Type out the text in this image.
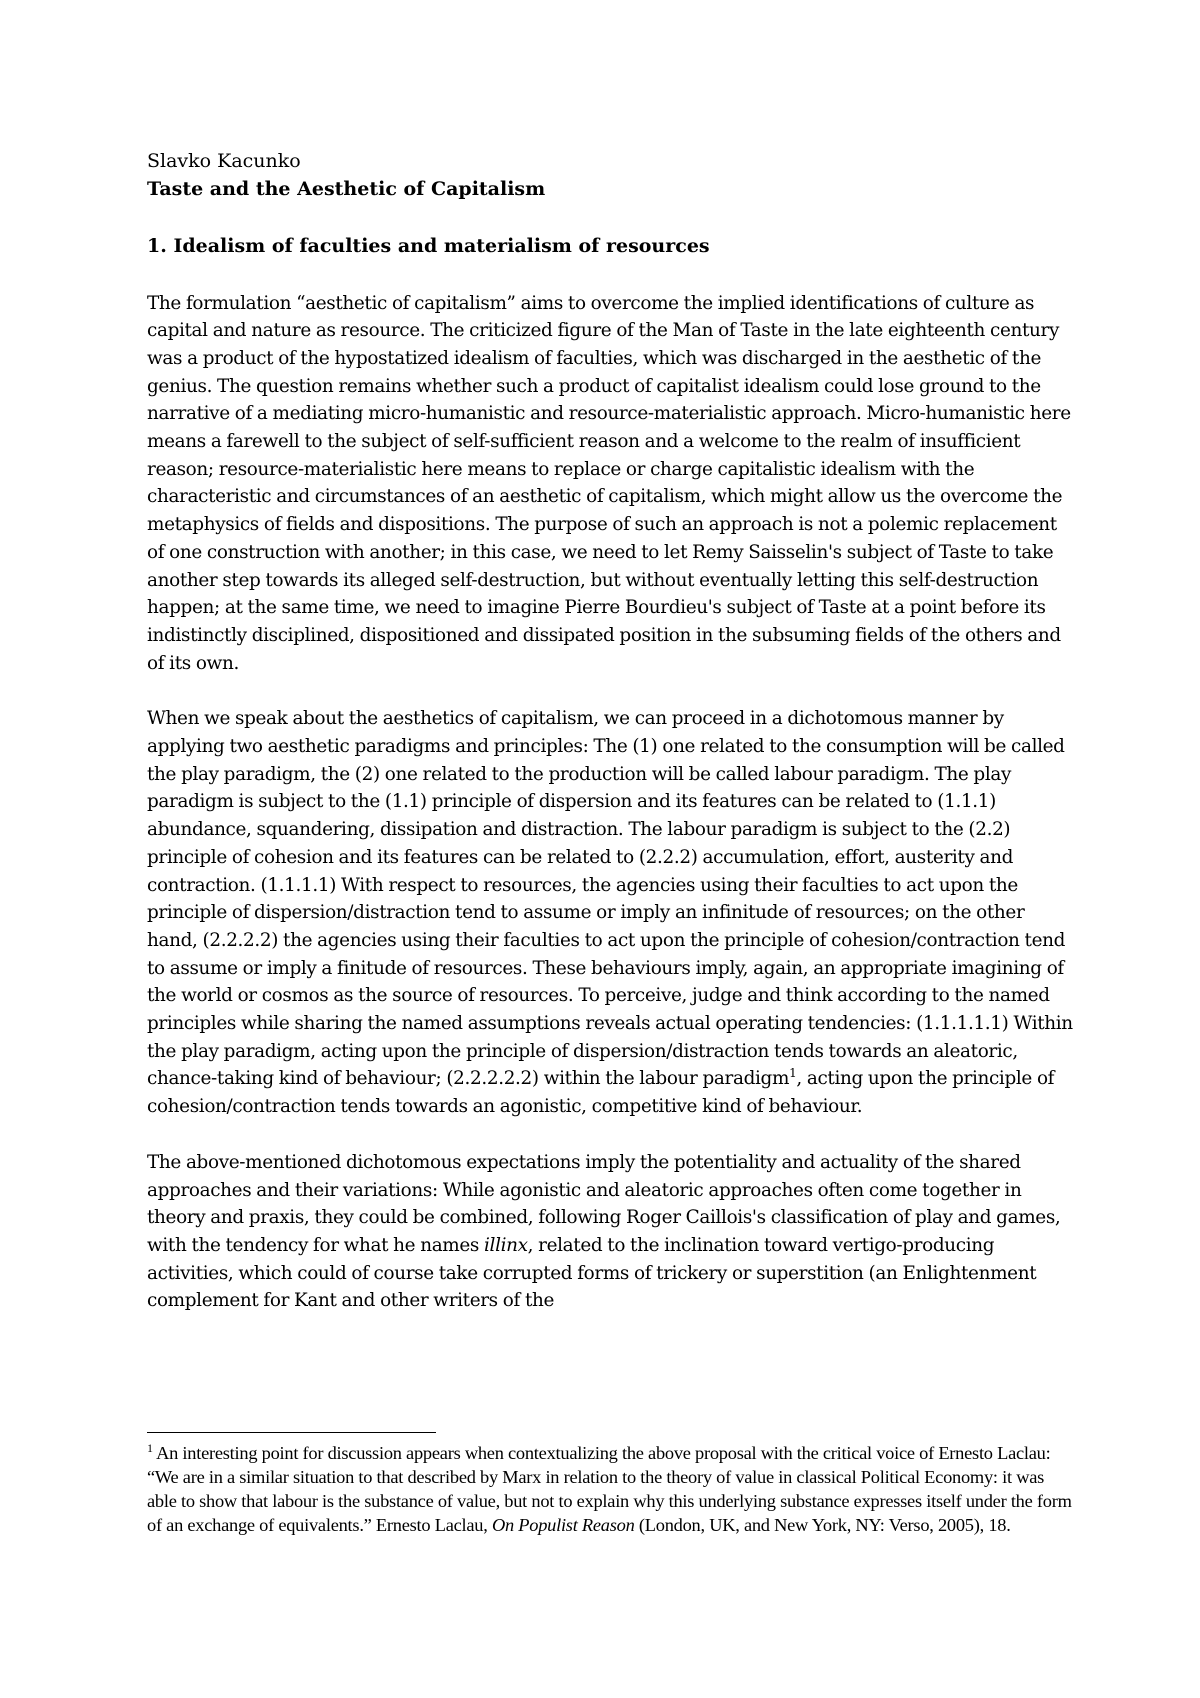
Slavko Kacunko

Taste and the Aesthetic of Capitalism

1. Idealism of faculties and materialism of resources

The formulation “aesthetic of capitalism” aims to overcome the implied identifications of culture as capital and nature as resource. The criticized figure of the Man of Taste in the late eighteenth century was a product of the hypostatized idealism of faculties, which was discharged in the aesthetic of the genius. The question remains whether such a product of capitalist idealism could lose ground to the narrative of a mediating micro-humanistic and resource-materialistic approach. Micro-humanistic here means a farewell to the subject of self-sufficient reason and a welcome to the realm of insufficient reason; resource-materialistic here means to replace or charge capitalistic idealism with the characteristic and circumstances of an aesthetic of capitalism, which might allow us the overcome the metaphysics of fields and dispositions. The purpose of such an approach is not a polemic replacement of one construction with another; in this case, we need to let Remy Saisselin's subject of Taste to take another step towards its alleged self-destruction, but without eventually letting this self-destruction happen; at the same time, we need to imagine Pierre Bourdieu's subject of Taste at a point before its indistinctly disciplined, dispositioned and dissipated position in the subsuming fields of the others and of its own.

When we speak about the aesthetics of capitalism, we can proceed in a dichotomous manner by applying two aesthetic paradigms and principles: The (1) one related to the consumption will be called the play paradigm, the (2) one related to the production will be called labour paradigm. The play paradigm is subject to the (1.1) principle of dispersion and its features can be related to (1.1.1) abundance, squandering, dissipation and distraction. The labour paradigm is subject to the (2.2) principle of cohesion and its features can be related to (2.2.2) accumulation, effort, austerity and contraction. (1.1.1.1) With respect to resources, the agencies using their faculties to act upon the principle of dispersion/distraction tend to assume or imply an infinitude of resources; on the other hand, (2.2.2.2) the agencies using their faculties to act upon the principle of cohesion/contraction tend to assume or imply a finitude of resources. These behaviours imply, again, an appropriate imagining of the world or cosmos as the source of resources. To perceive, judge and think according to the named principles while sharing the named assumptions reveals actual operating tendencies: (1.1.1.1.1) Within the play paradigm, acting upon the principle of dispersion/distraction tends towards an aleatoric, chance-taking kind of behaviour; (2.2.2.2.2) within the labour paradigm$^1$, acting upon the principle of cohesion/contraction tends towards an agonistic, competitive kind of behaviour.

The above-mentioned dichotomous expectations imply the potentiality and actuality of the shared approaches and their variations: While agonistic and aleatoric approaches often come together in theory and praxis, they could be combined, following Roger Caillois's classification of play and games, with the tendency for what he names illinx, related to the inclination toward vertigo-producing activities, which could of course take corrupted forms of trickery or superstition (an Enlightenment complement for Kant and other writers of the

$^1$ An interesting point for discussion appears when contextualizing the above proposal with the critical voice of Ernesto Laclau: “We are in a similar situation to that described by Marx in relation to the theory of value in classical Political Economy: it was able to show that labour is the substance of value, but not to explain why this underlying substance expresses itself under the form of an exchange of equivalents.” Ernesto Laclau, On Populist Reason (London, UK, and New York, NY: Verso, 2005), 18.
